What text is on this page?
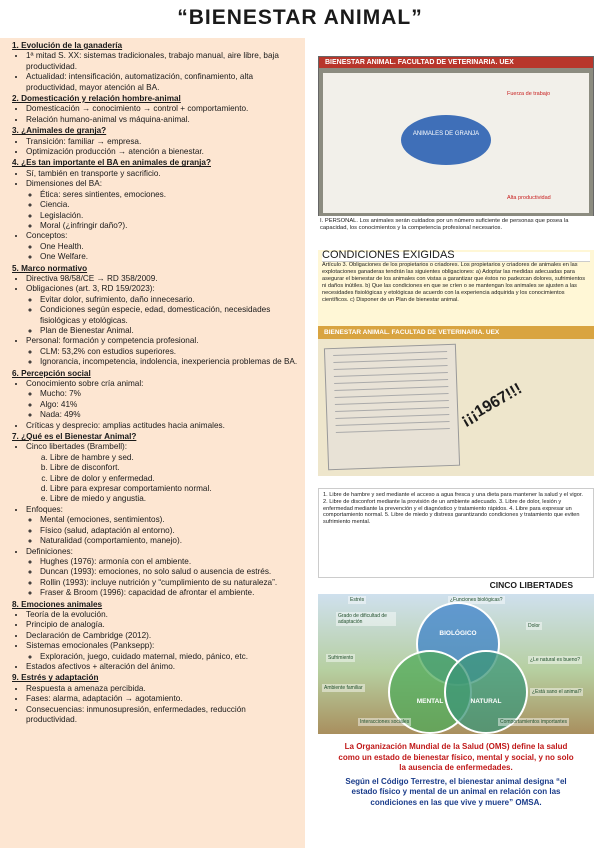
“BIENESTAR ANIMAL”
1. Evolución de la ganadería
• 1ª mitad S. XX: sistemas tradicionales, trabajo manual, aire libre, baja productividad.
• Actualidad: intensificación, automatización, confinamiento, alta productividad, mayor atención al BA.
2. Domesticación y relación hombre-animal
• Domesticación → conocimiento → control + comportamiento.
• Relación humano-animal vs máquina-animal.
3. ¿Animales de granja?
• Transición: familiar → empresa.
• Optimización producción → atención a bienestar.
4. ¿Es tan importante el BA en animales de granja?
• Sí, también en transporte y sacrificio.
• Dimensiones del BA:
◦ Ética: seres sintientes, emociones.
◦ Ciencia.
◦ Legislación.
◦ Moral (¿infringir daño?).
• Conceptos:
◦ One Health.
◦ One Welfare.
5. Marco normativo
• Directiva 98/58/CE → RD 358/2009.
• Obligaciones (art. 3, RD 159/2023):
◦ Evitar dolor, sufrimiento, daño innecesario.
◦ Condiciones según especie, edad, domesticación, necesidades fisiológicas y etológicas.
◦ Plan de Bienestar Animal.
• Personal: formación y competencia profesional.
◦ CLM: 53,2% con estudios superiores.
◦ Ignorancia, incompetencia, indolencia, inexperiencia problemas de BA.
6. Percepción social
• Conocimiento sobre cría animal:
◦ Mucho: 7%
◦ Algo: 41%
◦ Nada: 49%
• Críticas y desprecio: amplias actitudes hacia animales.
7. ¿Qué es el Bienestar Animal?
• Cinco libertades (Brambell):
a. Libre de hambre y sed.
b. Libre de disconfort.
c. Libre de dolor y enfermedad.
d. Libre para expresar comportamiento normal.
e. Libre de miedo y angustia.
• Enfoques:
◦ Mental (emociones, sentimientos).
◦ Físico (salud, adaptación al entorno).
◦ Naturalidad (comportamiento, manejo).
• Definiciones:
◦ Hughes (1976): armonía con el ambiente.
◦ Duncan (1993): emociones, no solo salud o ausencia de estrés.
◦ Rollin (1993): incluye nutrición y “cumplimiento de su naturaleza”.
◦ Fraser & Broom (1996): capacidad de afrontar el ambiente.
8. Emociones animales
• Teoría de la evolución.
• Principio de analogía.
• Declaración de Cambridge (2012).
• Sistemas emocionales (Panksepp):
◦ Exploración, juego, cuidado maternal, miedo, pánico, etc.
• Estados afectivos + alteración del ánimo.
9. Estrés y adaptación
• Respuesta a amenaza percibida.
• Fases: alarma, adaptación → agotamiento.
• Consecuencias: inmunosupresión, enfermedades, reducción productividad.
BIENESTAR ANIMAL. FACULTAD DE VETERINARIA. UEX
ANIMALES DE GRANJA
Fuerza de trabajo
Alta productividad
I. PERSONAL. Los animales serán cuidados por un número suficiente de personas que posea la capacidad, los conocimientos y la competencia profesional necesarios.
CONDICIONES EXIGIDAS
Artículo 3. Obligaciones de los propietarios o criadores. Los propietarios y criadores de animales en las explotaciones ganaderas tendrán las siguientes obligaciones: a) Adoptar las medidas adecuadas para asegurar el bienestar de los animales con vistas a garantizar que éstos no padezcan dolores, sufrimientos ni daños inútiles. b) Que las condiciones en que se críen o se mantengan los animales se ajusten a las necesidades fisiológicas y etológicas de acuerdo con la experiencia adquirida y los conocimientos científicos. c) Disponer de un Plan de bienestar animal.
BIENESTAR ANIMAL. FACULTAD DE VETERINARIA. UEX
¡¡¡1967!!!
1. Libre de hambre y sed mediante el acceso a agua fresca y una dieta para mantener la salud y el vigor. 2. Libre de disconfort mediante la provisión de un ambiente adecuado. 3. Libre de dolor, lesión y enfermedad mediante la prevención y el diagnóstico y tratamiento rápidos. 4. Libre para expresar un comportamiento normal. 5. Libre de miedo y distress garantizando condiciones y tratamiento que eviten sufrimiento mental.
CINCO LIBERTADES
BIOLÓGICO
MENTAL	NATURAL
Estrés	¿Funciones biológicas?
Grado de dificultad de adaptación
Sufrimiento
Dolor
¿Le natural es bueno?
Ambiente familiar
¿Está sano el animal?
Interacciones sociales	Comportamientos importantes
La Organización Mundial de la Salud (OMS) define la salud como un estado de bienestar físico, mental y social, y no solo la ausencia de enfermedades.
Según el Código Terrestre, el bienestar animal designa “el estado físico y mental de un animal en relación con las condiciones en las que vive y muere” OMSA.
